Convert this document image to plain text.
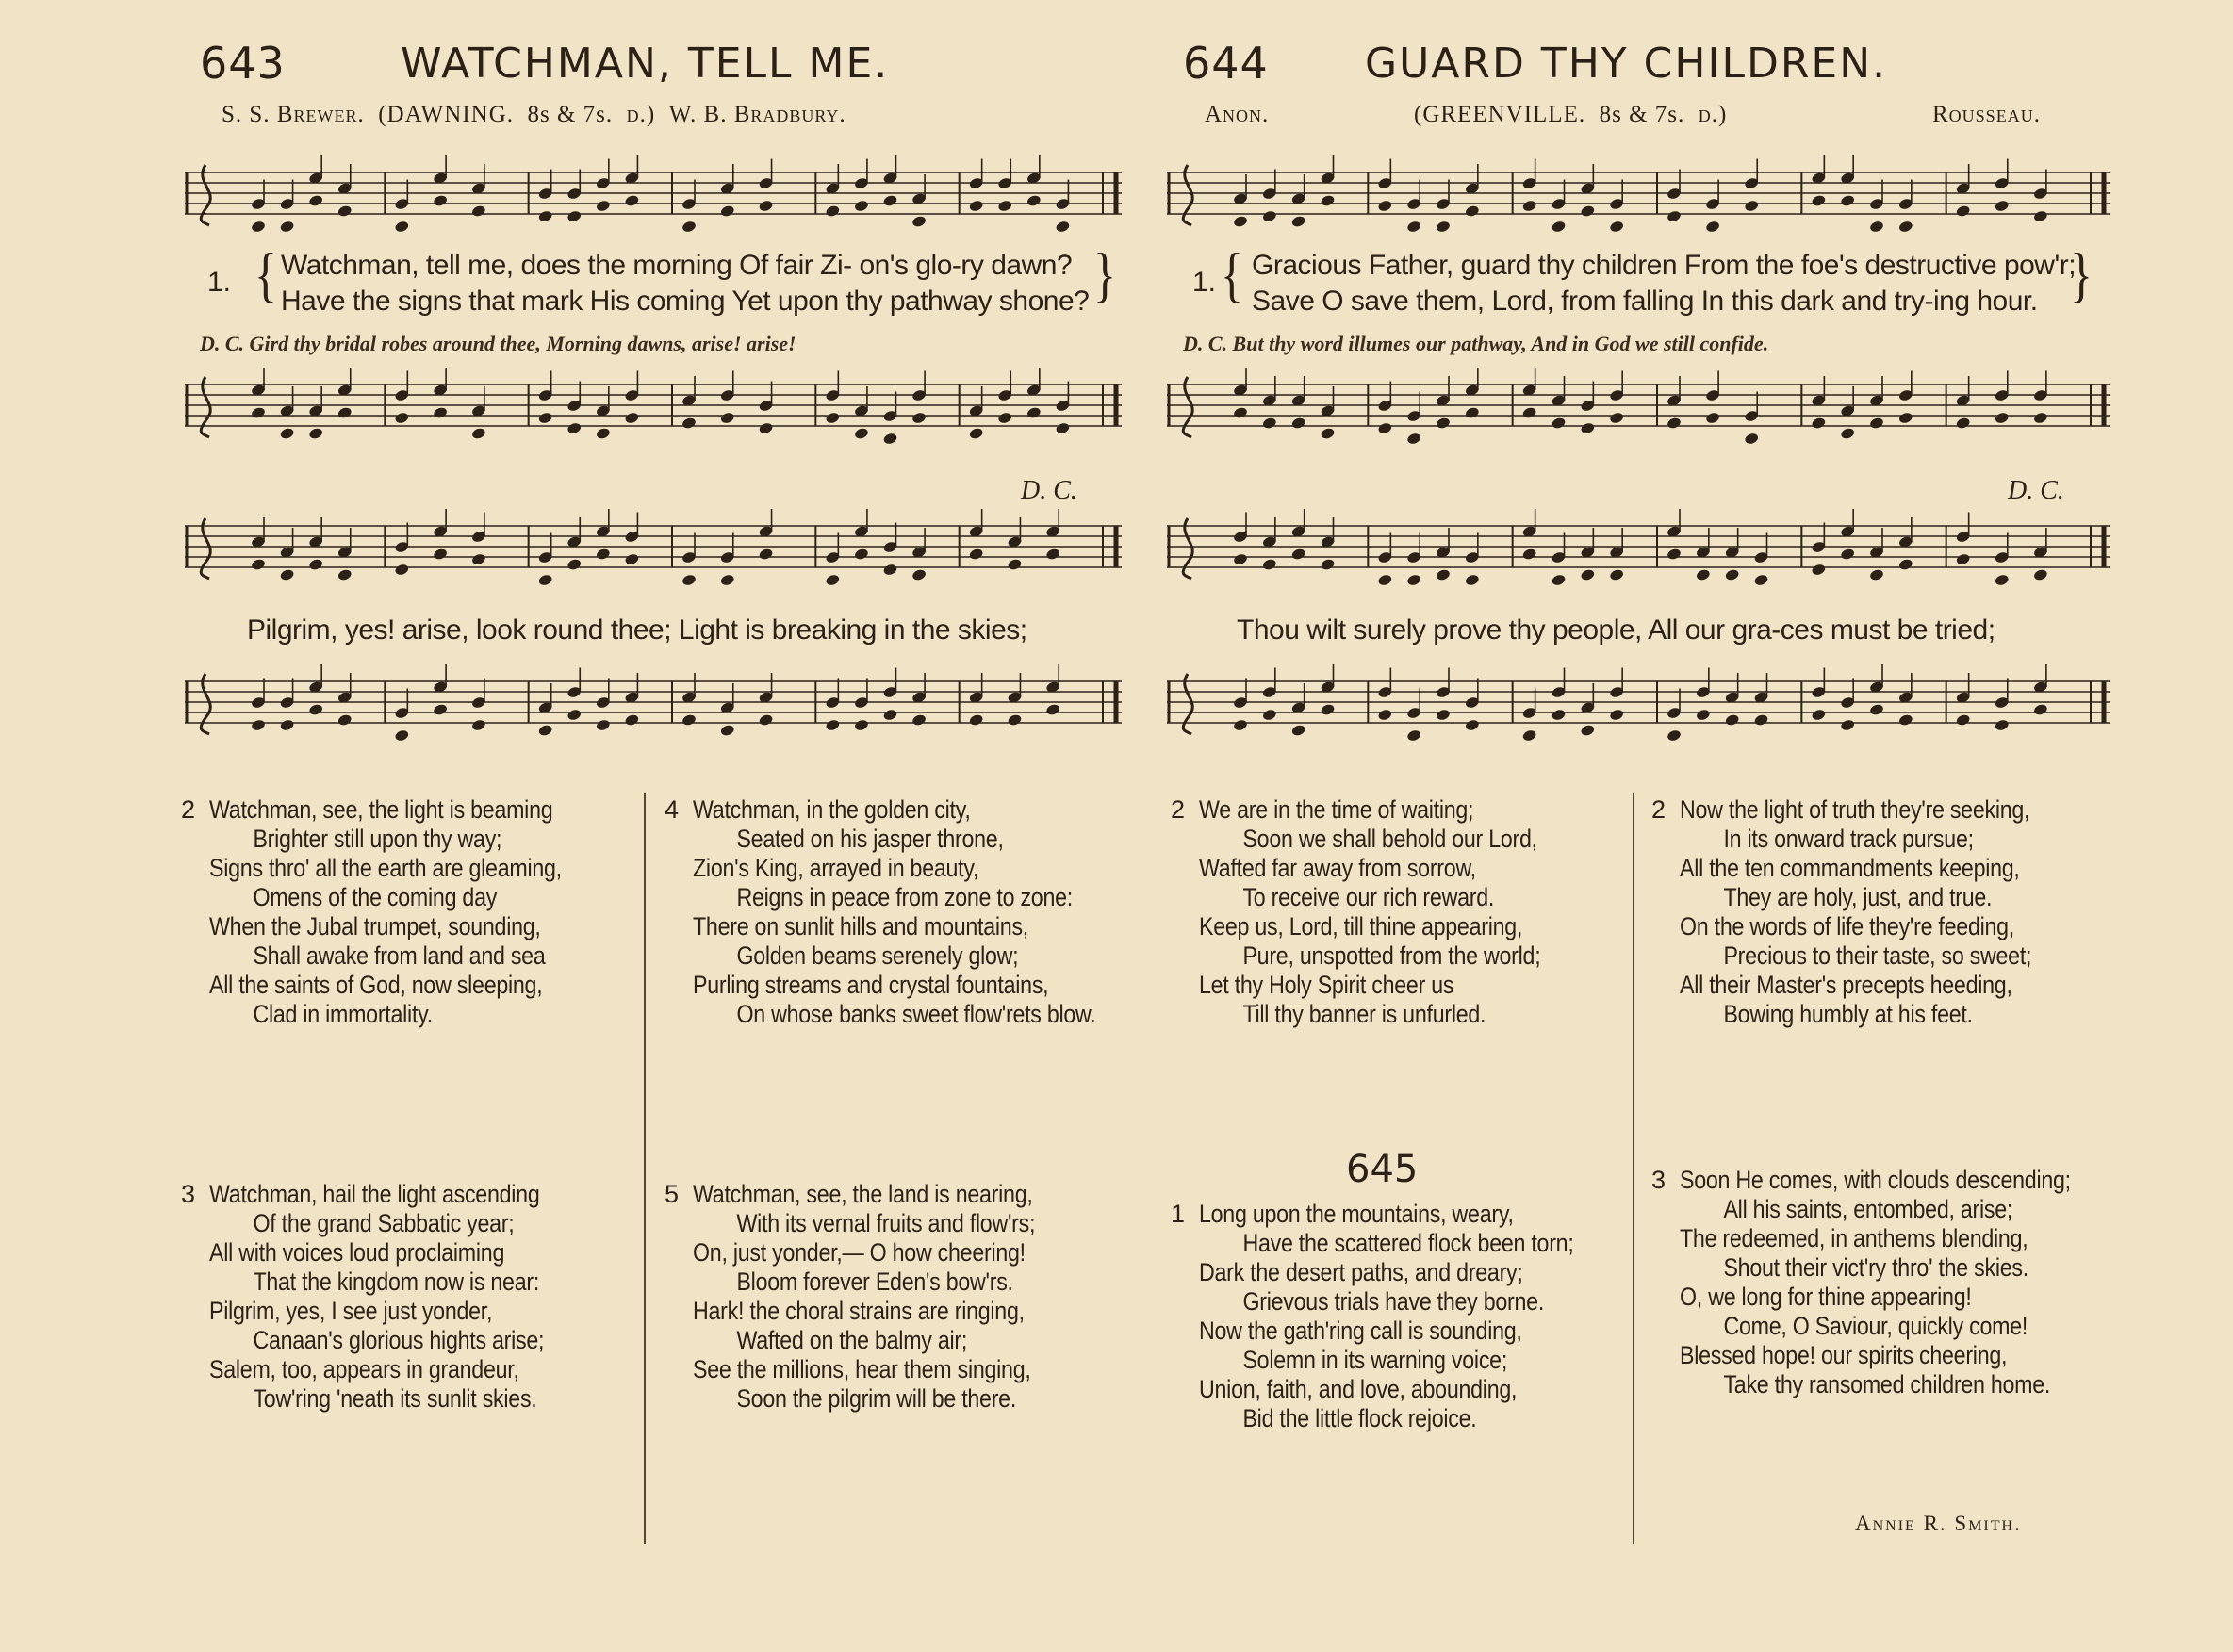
643	WATCHMAN, TELL ME.
S. S. Brewer. (DAWNING. 8s & 7s. d.) W. B. Bradbury.
644 GUARD THY CHILDREN.
Anon.	(GREENVILLE. 8s & 7s. d.)	Rousseau.
1. { Watchman, tell me, does the morning Of fair Zi- on's glo-ry dawn?
Have the signs that mark His coming Yet upon thy pathway shone? }
D. C. Gird thy bridal robes around thee, Morning dawns, arise! arise!
D. C.
Pilgrim, yes! arise, look round thee; Light is breaking in the skies;
1. { Gracious Father, guard thy children From the foe's destructive pow'r;
Save O save them, Lord, from falling In this dark and try-ing hour. }
D. C. But thy word illumes our pathway, And in God we still confide.
D. C.
Thou wilt surely prove thy people, All our gra-ces must be tried;
2 Watchman, see, the light is beaming
Brighter still upon thy way;
Signs thro' all the earth are gleaming,
Omens of the coming day
When the Jubal trumpet, sounding,
Shall awake from land and sea
All the saints of God, now sleeping,
Clad in immortality.
3 Watchman, hail the light ascending
Of the grand Sabbatic year;
All with voices loud proclaiming
That the kingdom now is near:
Pilgrim, yes, I see just yonder,
Canaan's glorious hights arise;
Salem, too, appears in grandeur,
Tow'ring 'neath its sunlit skies.
4 Watchman, in the golden city,
Seated on his jasper throne,
Zion's King, arrayed in beauty,
Reigns in peace from zone to zone:
There on sunlit hills and mountains,
Golden beams serenely glow;
Purling streams and crystal fountains,
On whose banks sweet flow'rets blow.
5 Watchman, see, the land is nearing,
With its vernal fruits and flow'rs;
On, just yonder,— O how cheering!
Bloom forever Eden's bow'rs.
Hark! the choral strains are ringing,
Wafted on the balmy air;
See the millions, hear them singing,
Soon the pilgrim will be there.
2 We are in the time of waiting;
Soon we shall behold our Lord,
Wafted far away from sorrow,
To receive our rich reward.
Keep us, Lord, till thine appearing,
Pure, unspotted from the world;
Let thy Holy Spirit cheer us
Till thy banner is unfurled.
645
1 Long upon the mountains, weary,
Have the scattered flock been torn;
Dark the desert paths, and dreary;
Grievous trials have they borne.
Now the gath'ring call is sounding,
Solemn in its warning voice;
Union, faith, and love, abounding,
Bid the little flock rejoice.
2 Now the light of truth they're seeking,
In its onward track pursue;
All the ten commandments keeping,
They are holy, just, and true.
On the words of life they're feeding,
Precious to their taste, so sweet;
All their Master's precepts heeding,
Bowing humbly at his feet.
3 Soon He comes, with clouds descending;
All his saints, entombed, arise;
The redeemed, in anthems blending,
Shout their vict'ry thro' the skies.
O, we long for thine appearing!
Come, O Saviour, quickly come!
Blessed hope! our spirits cheering,
Take thy ransomed children home.
Annie R. Smith.
